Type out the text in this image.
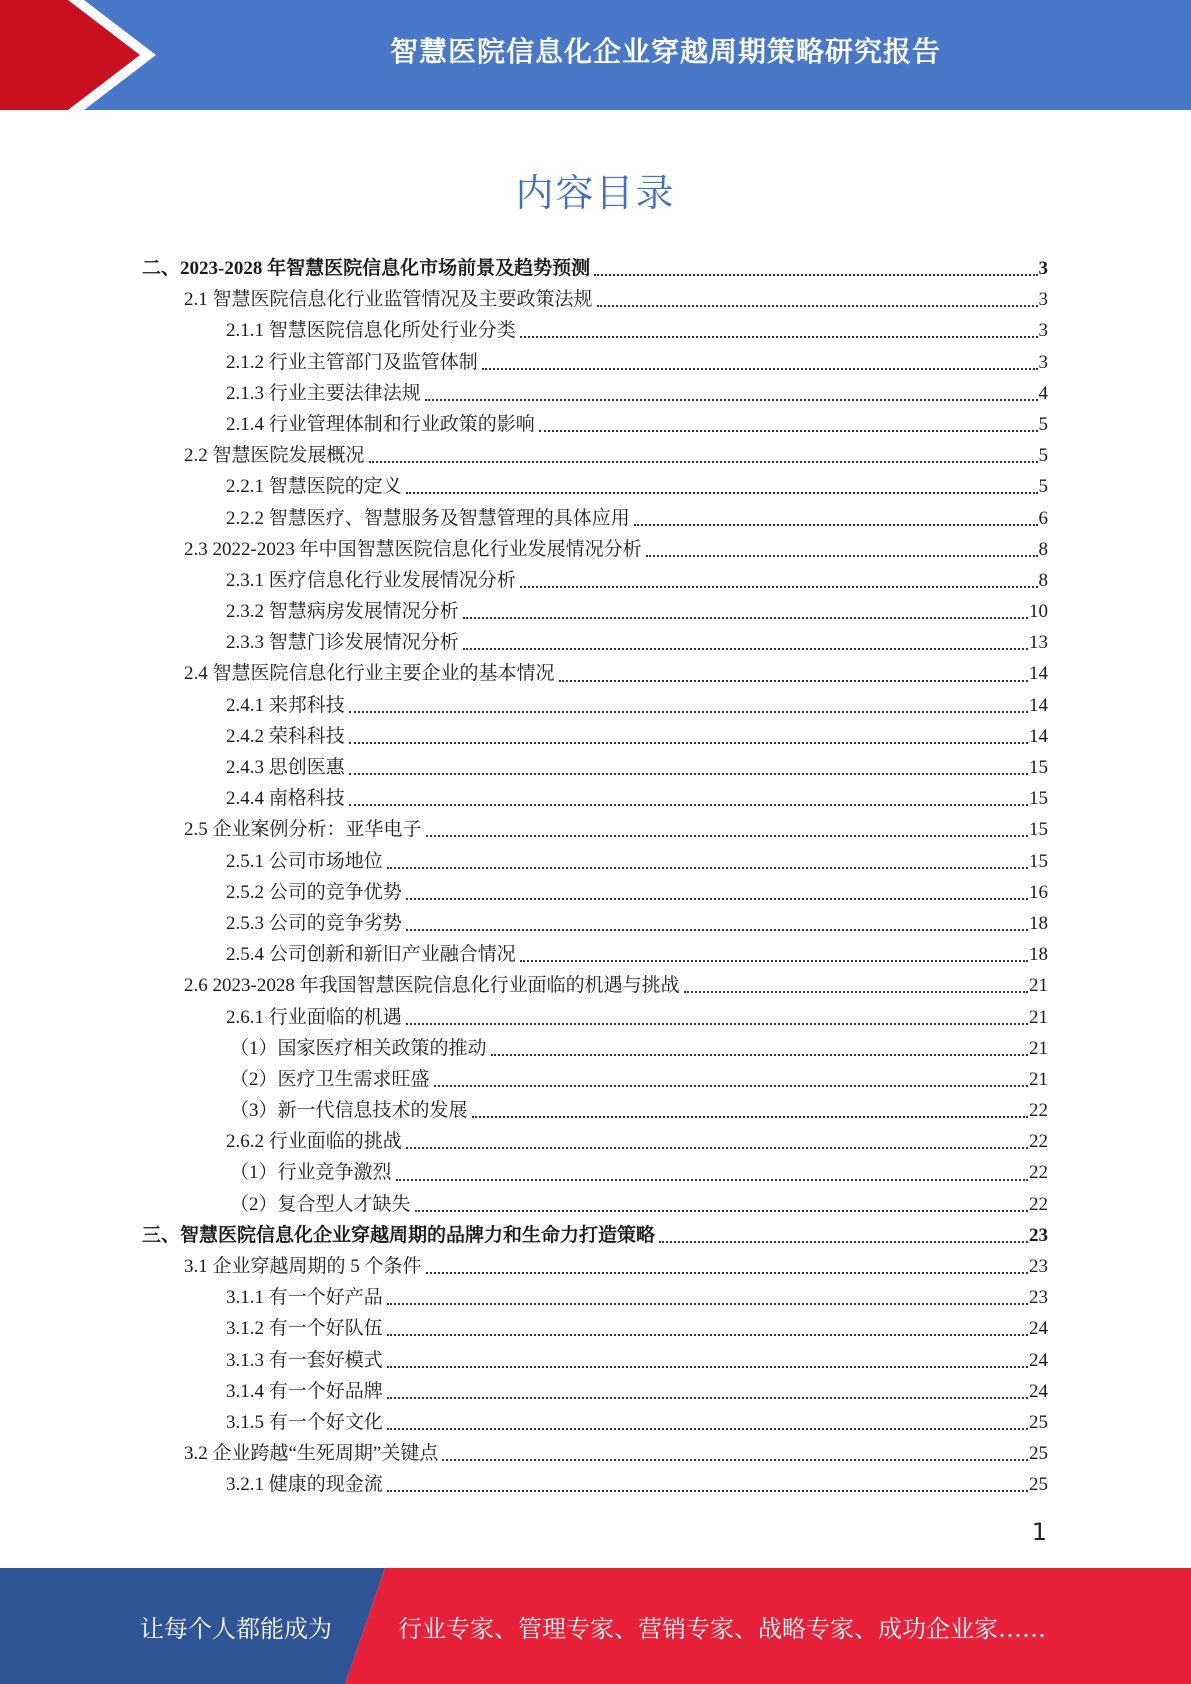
智慧医院信息化企业穿越周期策略研究报告
内容目录
二、2023-2028 年智慧医院信息化市场前景及趋势预测	3
2.1 智慧医院信息化行业监管情况及主要政策法规	3
2.1.1 智慧医院信息化所处行业分类	3
2.1.2 行业主管部门及监管体制	3
2.1.3 行业主要法律法规	4
2.1.4 行业管理体制和行业政策的影响	5
2.2 智慧医院发展概况	5
2.2.1 智慧医院的定义	5
2.2.2 智慧医疗、智慧服务及智慧管理的具体应用	6
2.3 2022-2023 年中国智慧医院信息化行业发展情况分析	8
2.3.1 医疗信息化行业发展情况分析	8
2.3.2 智慧病房发展情况分析	10
2.3.3 智慧门诊发展情况分析	13
2.4 智慧医院信息化行业主要企业的基本情况	14
2.4.1 来邦科技	14
2.4.2 荣科科技	14
2.4.3 思创医惠	15
2.4.4 南格科技	15
2.5 企业案例分析：亚华电子	15
2.5.1 公司市场地位	15
2.5.2 公司的竞争优势	16
2.5.3 公司的竞争劣势	18
2.5.4 公司创新和新旧产业融合情况	18
2.6 2023-2028 年我国智慧医院信息化行业面临的机遇与挑战	21
2.6.1 行业面临的机遇	21
（1）国家医疗相关政策的推动	21
（2）医疗卫生需求旺盛	21
（3）新一代信息技术的发展	22
2.6.2 行业面临的挑战	22
（1）行业竞争激烈	22
（2）复合型人才缺失	22
三、智慧医院信息化企业穿越周期的品牌力和生命力打造策略	23
3.1 企业穿越周期的 5 个条件	23
3.1.1 有一个好产品	23
3.1.2 有一个好队伍	24
3.1.3 有一套好模式	24
3.1.4 有一个好品牌	24
3.1.5 有一个好文化	25
3.2 企业跨越“生死周期”关键点	25
3.2.1 健康的现金流	25
1
让每个人都能成为	行业专家、管理专家、营销专家、战略专家、成功企业家……
